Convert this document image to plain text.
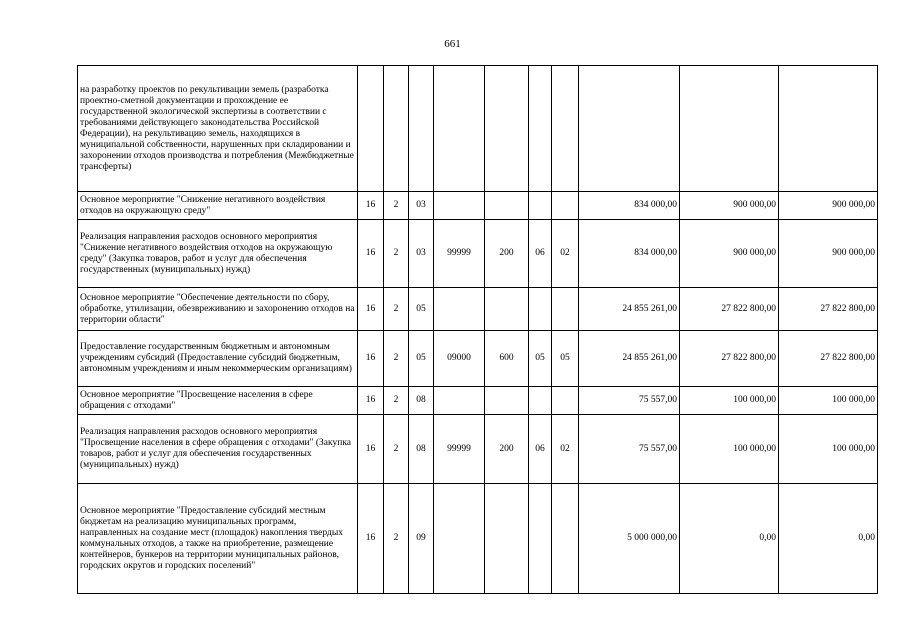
661
на разработку проектов по рекультивации земель (разработка проектно-сметной документации и прохождение ее государственной экологической экспертизы в соответствии с требованиями действующего законодательства Российской Федерации), на рекультивацию земель, находящихся в муниципальной собственности, нарушенных при складировании и захоронении отходов производства и потребления (Межбюджетные трансферты)										
Основное мероприятие "Снижение негативного воздействия отходов на окружающую среду"	16	2	03					834 000,00	900 000,00	900 000,00
Реализация направления расходов основного мероприятия "Снижение негативного воздействия отходов на окружающую среду" (Закупка товаров, работ и услуг для обеспечения государственных (муниципальных) нужд)	16	2	03	99999	200	06	02	834 000,00	900 000,00	900 000,00
Основное мероприятие "Обеспечение деятельности по сбору, обработке, утилизации, обезвреживанию и захоронению отходов на территории области"	16	2	05					24 855 261,00	27 822 800,00	27 822 800,00
Предоставление государственным бюджетным и автономным учреждениям субсидий (Предоставление субсидий бюджетным, автономным учреждениям и иным некоммерческим организациям)	16	2	05	09000	600	05	05	24 855 261,00	27 822 800,00	27 822 800,00
Основное мероприятие "Просвещение населения в сфере обращения с отходами"	16	2	08					75 557,00	100 000,00	100 000,00
Реализация направления расходов основного мероприятия "Просвещение населения в сфере обращения с отходами" (Закупка товаров, работ и услуг для обеспечения государственных (муниципальных) нужд)	16	2	08	99999	200	06	02	75 557,00	100 000,00	100 000,00
Основное мероприятие "Предоставление субсидий местным бюджетам на реализацию муниципальных программ, направленных на создание мест (площадок) накопления твердых коммунальных отходов, а также на приобретение, размещение контейнеров, бункеров на территории муниципальных районов, городских округов и городских поселений"	16	2	09					5 000 000,00	0,00	0,00
